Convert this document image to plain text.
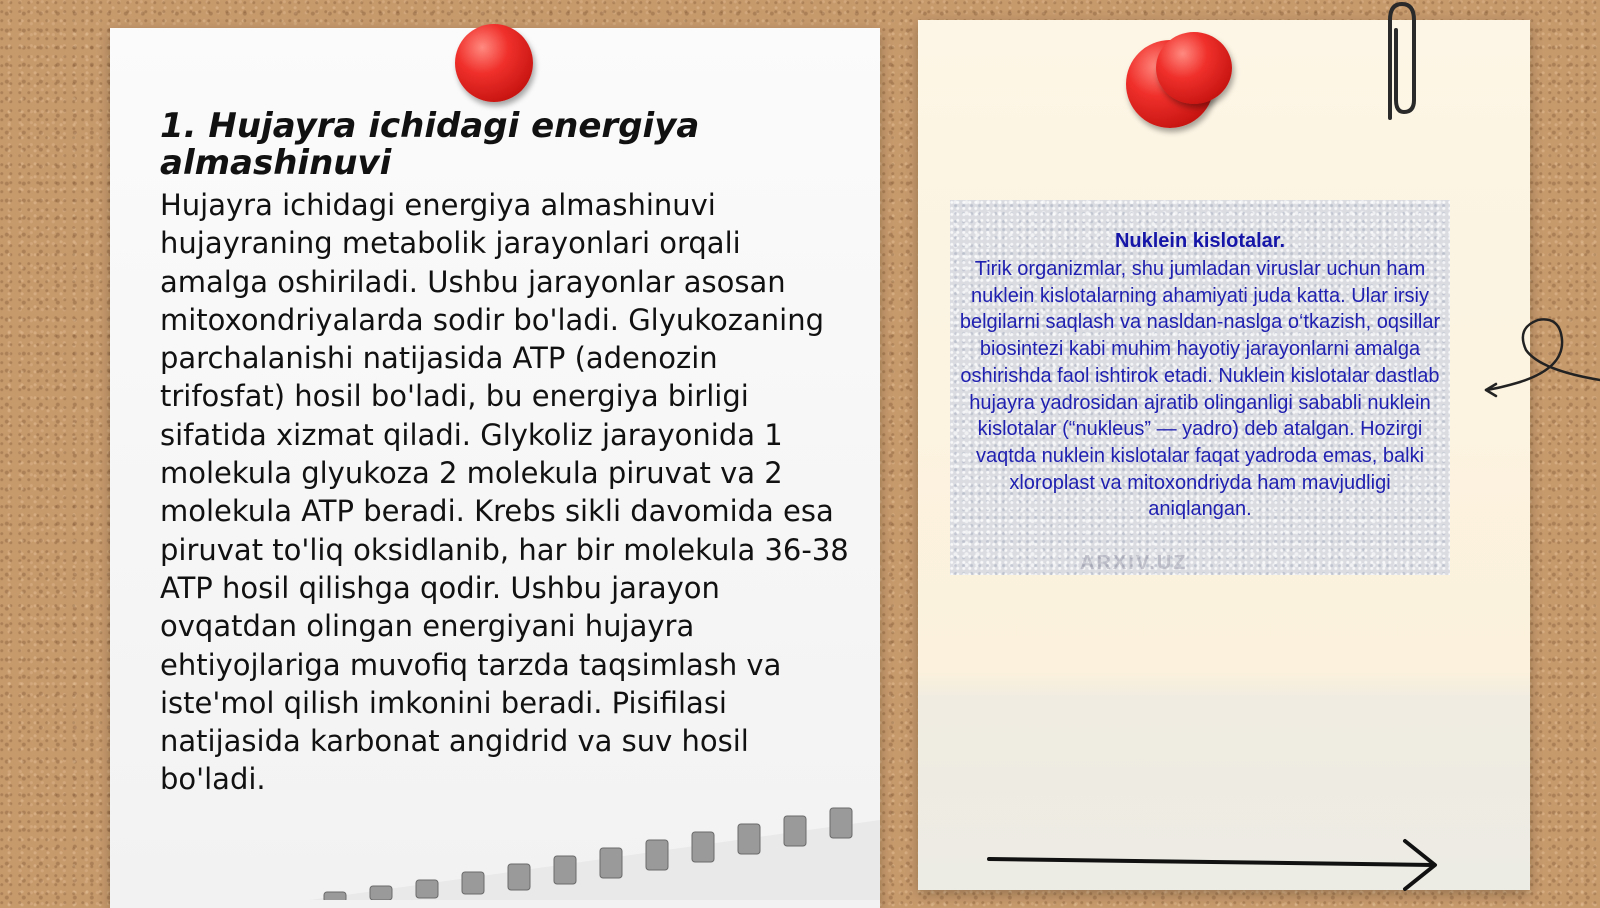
1. Hujayra ichidagi energiya almashinuvi

Hujayra ichidagi energiya almashinuvi hujayraning metabolik jarayonlari orqali amalga oshiriladi. Ushbu jarayonlar asosan mitoxondriyalarda sodir bo'ladi. Glyukozaning parchalanishi natijasida ATP (adenozin trifosfat) hosil bo'ladi, bu energiya birligi sifatida xizmat qiladi. Glykoliz jarayonida 1 molekula glyukoza 2 molekula piruvat va 2 molekula ATP beradi. Krebs sikli davomida esa piruvat to'liq oksidlanib, har bir molekula 36-38 ATP hosil qilishga qodir. Ushbu jarayon ovqatdan olingan energiyani hujayra ehtiyojlariga muvofiq tarzda taqsimlash va iste'mol qilish imkonini beradi. Pisifilasi natijasida karbonat angidrid va suv hosil bo'ladi.

Nuklein kislotalar.

Tirik organizmlar, shu jumladan viruslar uchun ham nuklein kislotalarning ahamiyati juda katta. Ular irsiy belgilarni saqlash va nasldan-naslga o‘tkazish, oqsillar biosintezi kabi muhim hayotiy jarayonlarni amalga oshirishda faol ishtirok etadi. Nuklein kislotalar dastlab hujayra yadrosidan ajratib olinganligi sababli nuklein kislotalar (“nukleus” — yadro) deb atalgan. Hozirgi vaqtda nuklein kislotalar faqat yadroda emas, balki xloroplast va mitoxondriyda ham mavjudligi aniqlangan.

ARXIV.UZ
